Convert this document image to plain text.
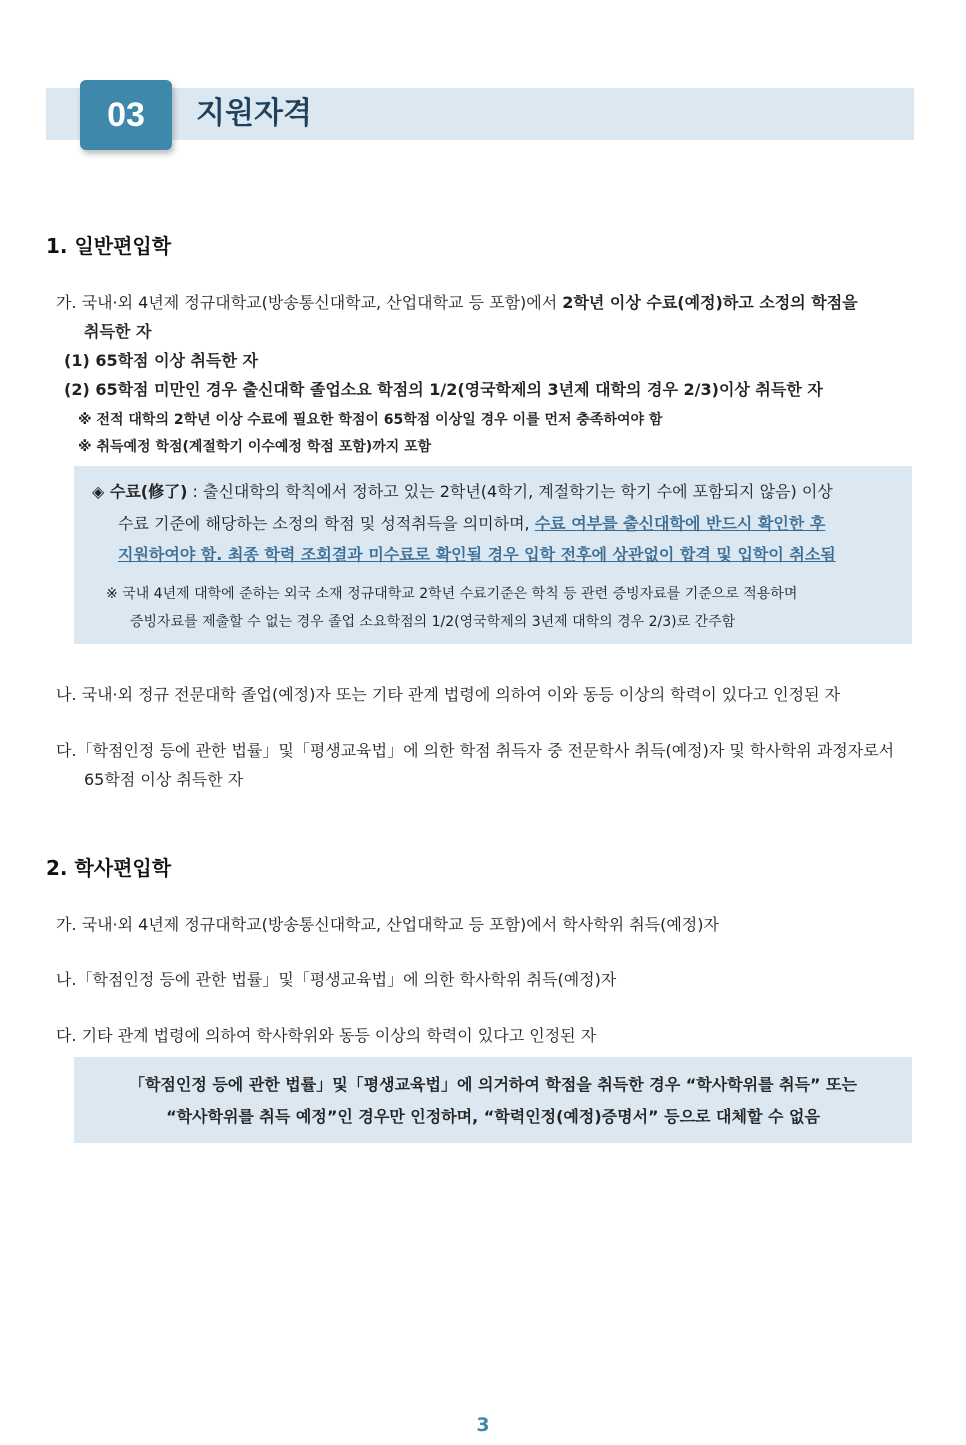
03	지원자격
1. 일반편입학
가. 국내·외 4년제 정규대학교(방송통신대학교, 산업대학교 등 포함)에서 2학년 이상 수료(예정)하고 소정의 학점을
취득한 자
(1) 65학점 이상 취득한 자
(2) 65학점 미만인 경우 출신대학 졸업소요 학점의 1/2(영국학제의 3년제 대학의 경우 2/3)이상 취득한 자
※ 전적 대학의 2학년 이상 수료에 필요한 학점이 65학점 이상일 경우 이를 먼저 충족하여야 함
※ 취득예정 학점(계절학기 이수예정 학점 포함)까지 포함
◈ 수료(修了) : 출신대학의 학칙에서 정하고 있는 2학년(4학기, 계절학기는 학기 수에 포함되지 않음) 이상
수료 기준에 해당하는 소정의 학점 및 성적취득을 의미하며, 수료 여부를 출신대학에 반드시 확인한 후
지원하여야 함. 최종 학력 조회결과 미수료로 확인될 경우 입학 전후에 상관없이 합격 및 입학이 취소됨
※ 국내 4년제 대학에 준하는 외국 소재 정규대학교 2학년 수료기준은 학칙 등 관련 증빙자료를 기준으로 적용하며
증빙자료를 제출할 수 없는 경우 졸업 소요학점의 1/2(영국학제의 3년제 대학의 경우 2/3)로 간주함
나. 국내·외 정규 전문대학 졸업(예정)자 또는 기타 관계 법령에 의하여 이와 동등 이상의 학력이 있다고 인정된 자
다.「학점인정 등에 관한 법률」및「평생교육법」에 의한 학점 취득자 중 전문학사 취득(예정)자 및 학사학위 과정자로서
65학점 이상 취득한 자
2. 학사편입학
가. 국내·외 4년제 정규대학교(방송통신대학교, 산업대학교 등 포함)에서 학사학위 취득(예정)자
나.「학점인정 등에 관한 법률」및「평생교육법」에 의한 학사학위 취득(예정)자
다. 기타 관계 법령에 의하여 학사학위와 동등 이상의 학력이 있다고 인정된 자
「학점인정 등에 관한 법률」및「평생교육법」에 의거하여 학점을 취득한 경우 “학사학위를 취득” 또는
“학사학위를 취득 예정”인 경우만 인정하며, “학력인정(예정)증명서” 등으로 대체할 수 없음
3
